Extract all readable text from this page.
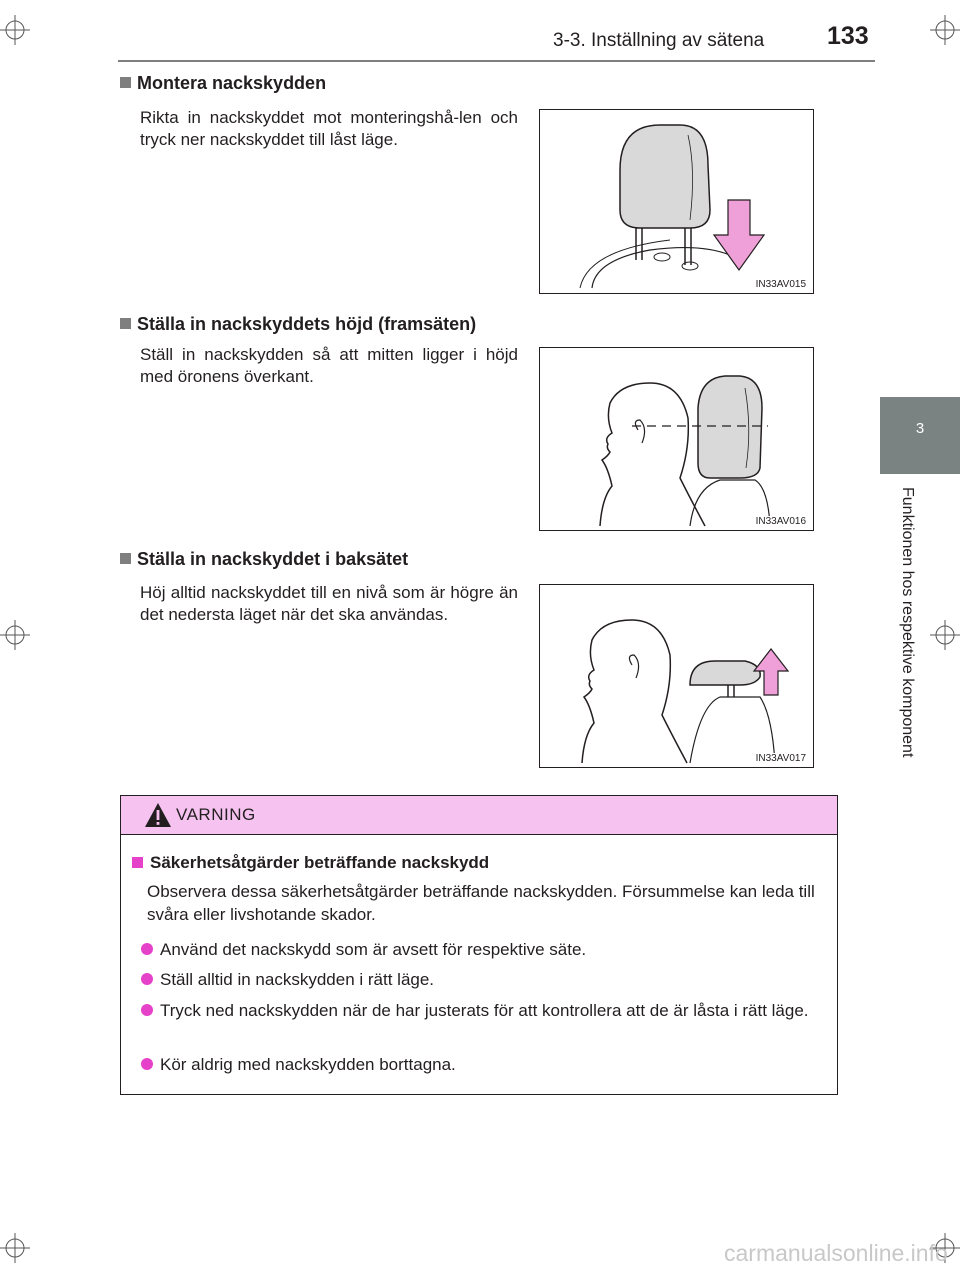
3-3. Inställning av sätena	133
3
Funktionen hos respektive komponent
Montera nackskydden
Rikta in nackskyddet mot monteringshå-len och tryck ner nackskyddet till låst läge.
IN33AV015
Ställa in nackskyddets höjd (framsäten)
Ställ in nackskydden så att mitten ligger i höjd med öronens överkant.
IN33AV016
Ställa in nackskyddet i baksätet
Höj alltid nackskyddet till en nivå som är högre än det nedersta läget när det ska användas.
IN33AV017
VARNING
Säkerhetsåtgärder beträffande nackskydd
Observera dessa säkerhetsåtgärder beträffande nackskydden. Försummelse kan leda till svåra eller livshotande skador.
Använd det nackskydd som är avsett för respektive säte.
Ställ alltid in nackskydden i rätt läge.
Tryck ned nackskydden när de har justerats för att kontrollera att de är låsta i rätt läge.
Kör aldrig med nackskydden borttagna.
carmanualsonline.info
